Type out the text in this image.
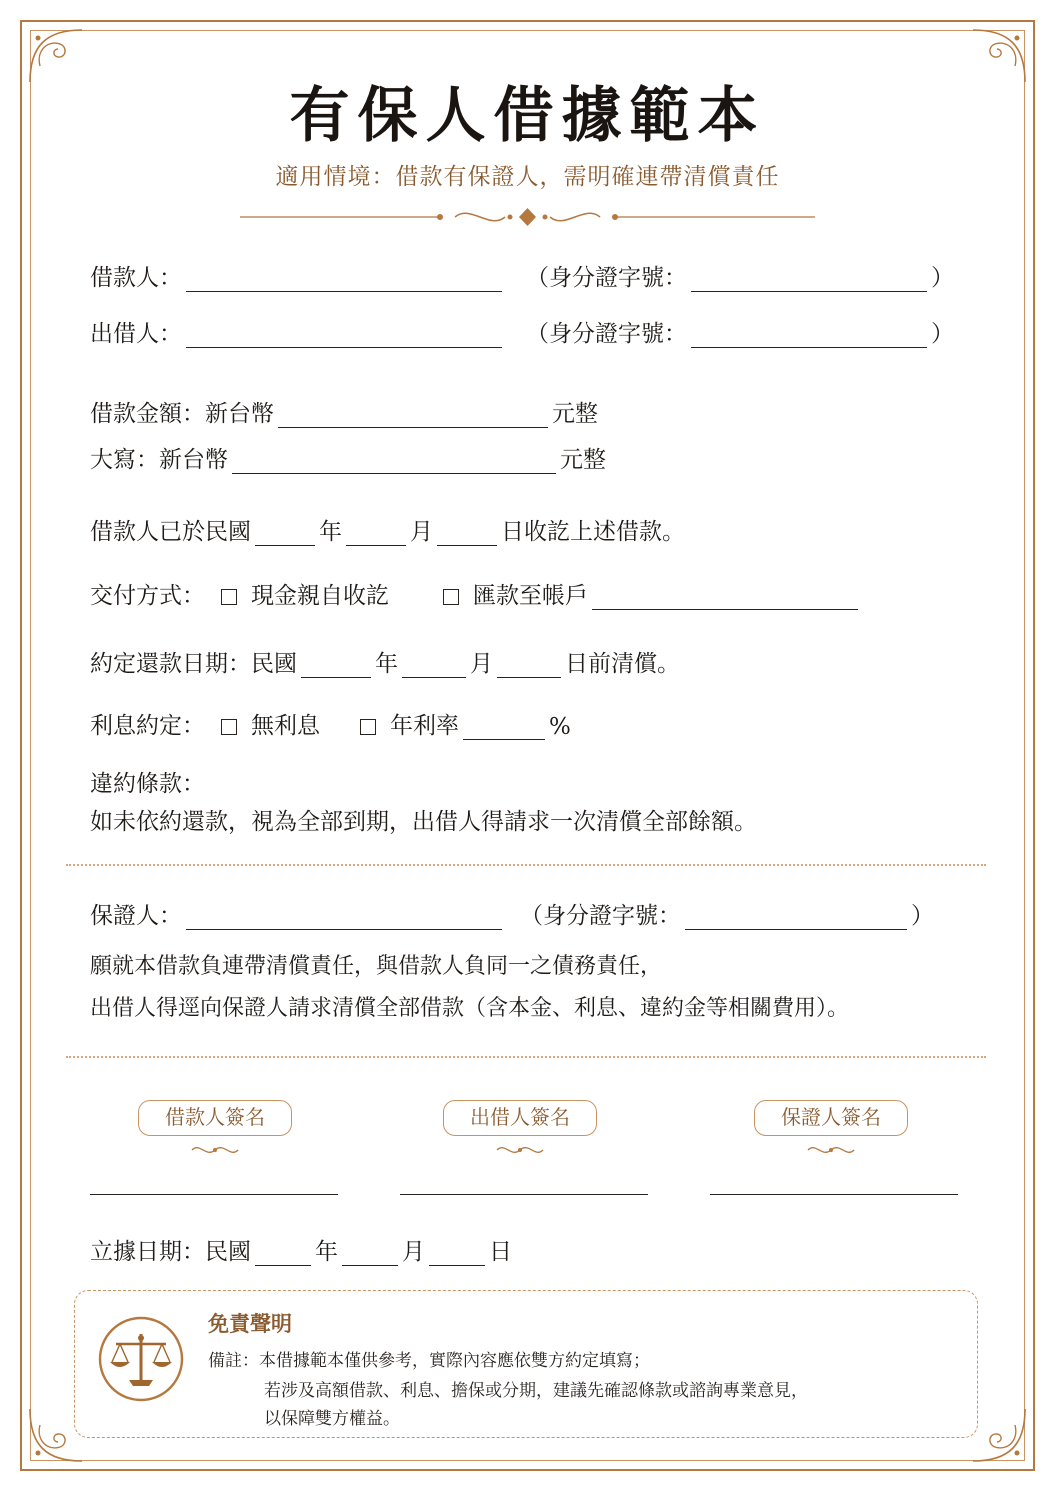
有保人借據範本
適用情境：借款有保證人，需明確連帶清償責任
借款人：	（身分證字號：	）
出借人：	（身分證字號：	）
借款金額：新台幣	元整
大寫：新台幣	元整
借款人已於民國	年	月	日收訖上述借款。
交付方式： 現金親自收訖	匯款至帳戶
約定還款日期：民國	年	月	日前清償。
利息約定： 無利息	年利率	%
違約條款：
如未依約還款，視為全部到期，出借人得請求一次清償全部餘額。
保證人：	（身分證字號：	）
願就本借款負連帶清償責任，與借款人負同一之債務責任，
出借人得逕向保證人請求清償全部借款（含本金、利息、違約金等相關費用）。
借款人簽名	出借人簽名	保證人簽名
立據日期：民國	年	月	日
免責聲明
備註：本借據範本僅供參考，實際內容應依雙方約定填寫；
若涉及高額借款、利息、擔保或分期，建議先確認條款或諮詢專業意見，
以保障雙方權益。
